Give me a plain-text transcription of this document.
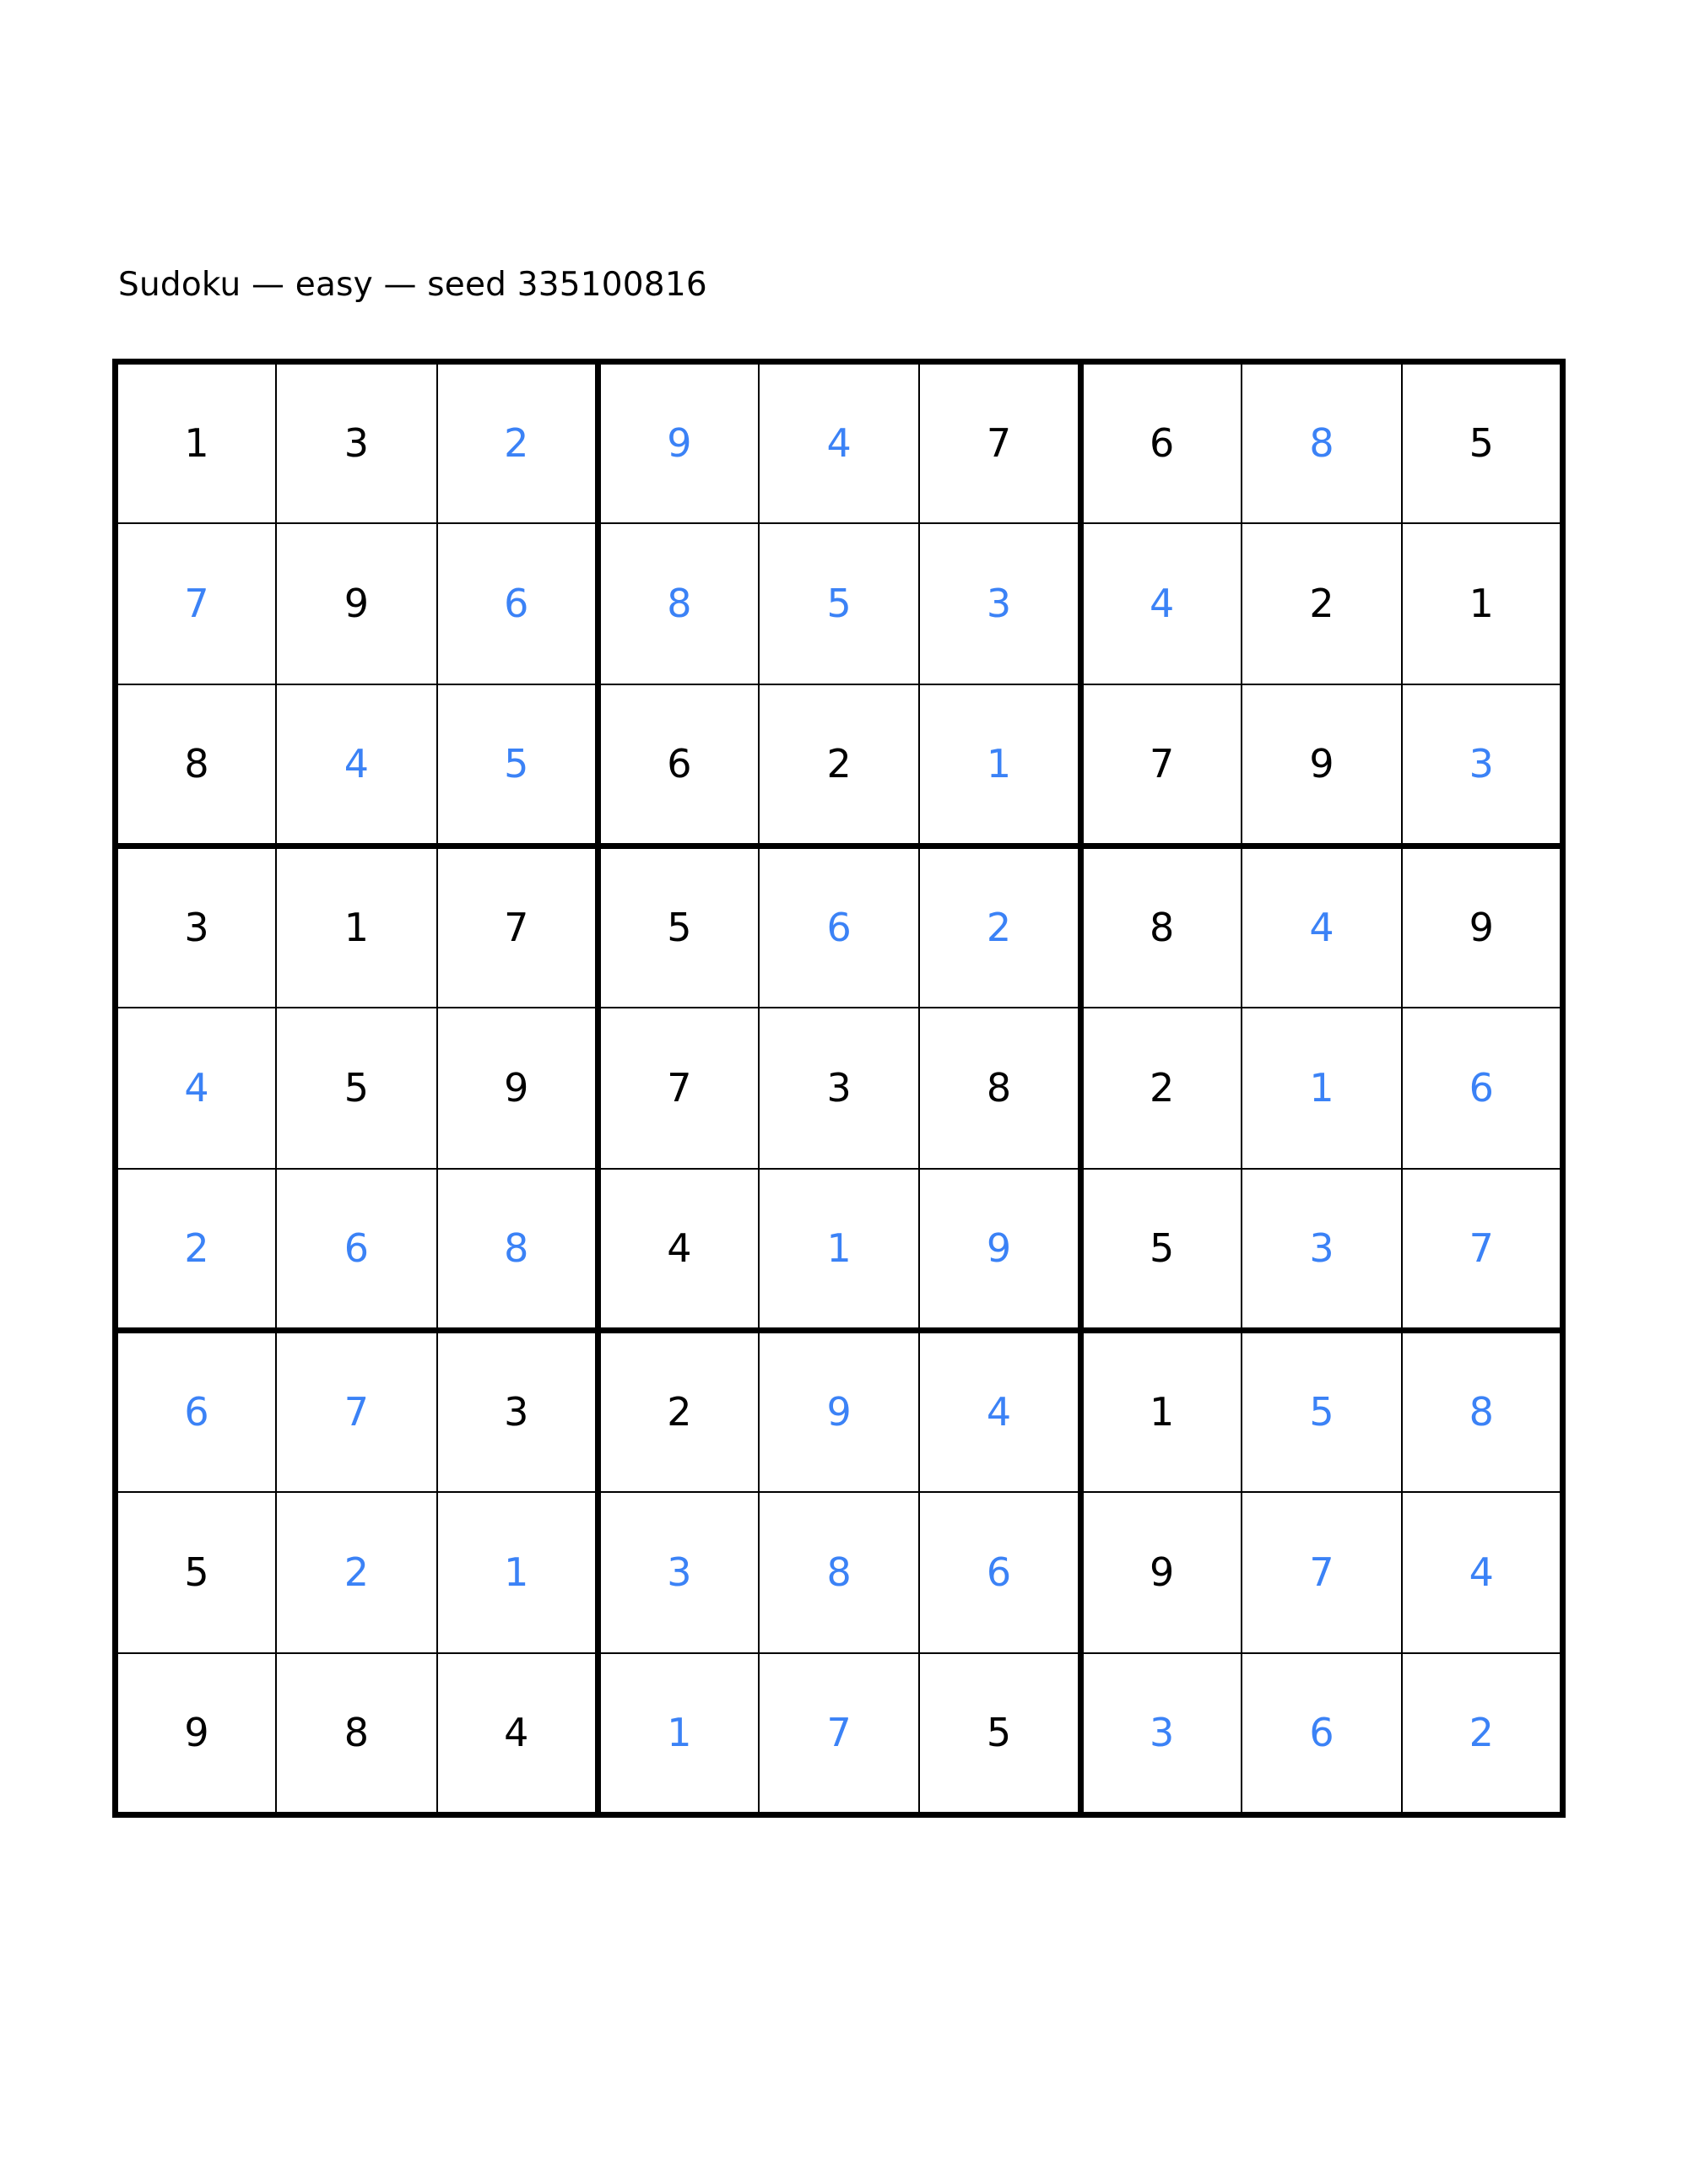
Sudoku — easy — seed 335100816
1	3	2	9	4	7	6	8	5
7	9	6	8	5	3	4	2	1
8	4	5	6	2	1	7	9	3
3	1	7	5	6	2	8	4	9
4	5	9	7	3	8	2	1	6
2	6	8	4	1	9	5	3	7
6	7	3	2	9	4	1	5	8
5	2	1	3	8	6	9	7	4
9	8	4	1	7	5	3	6	2
